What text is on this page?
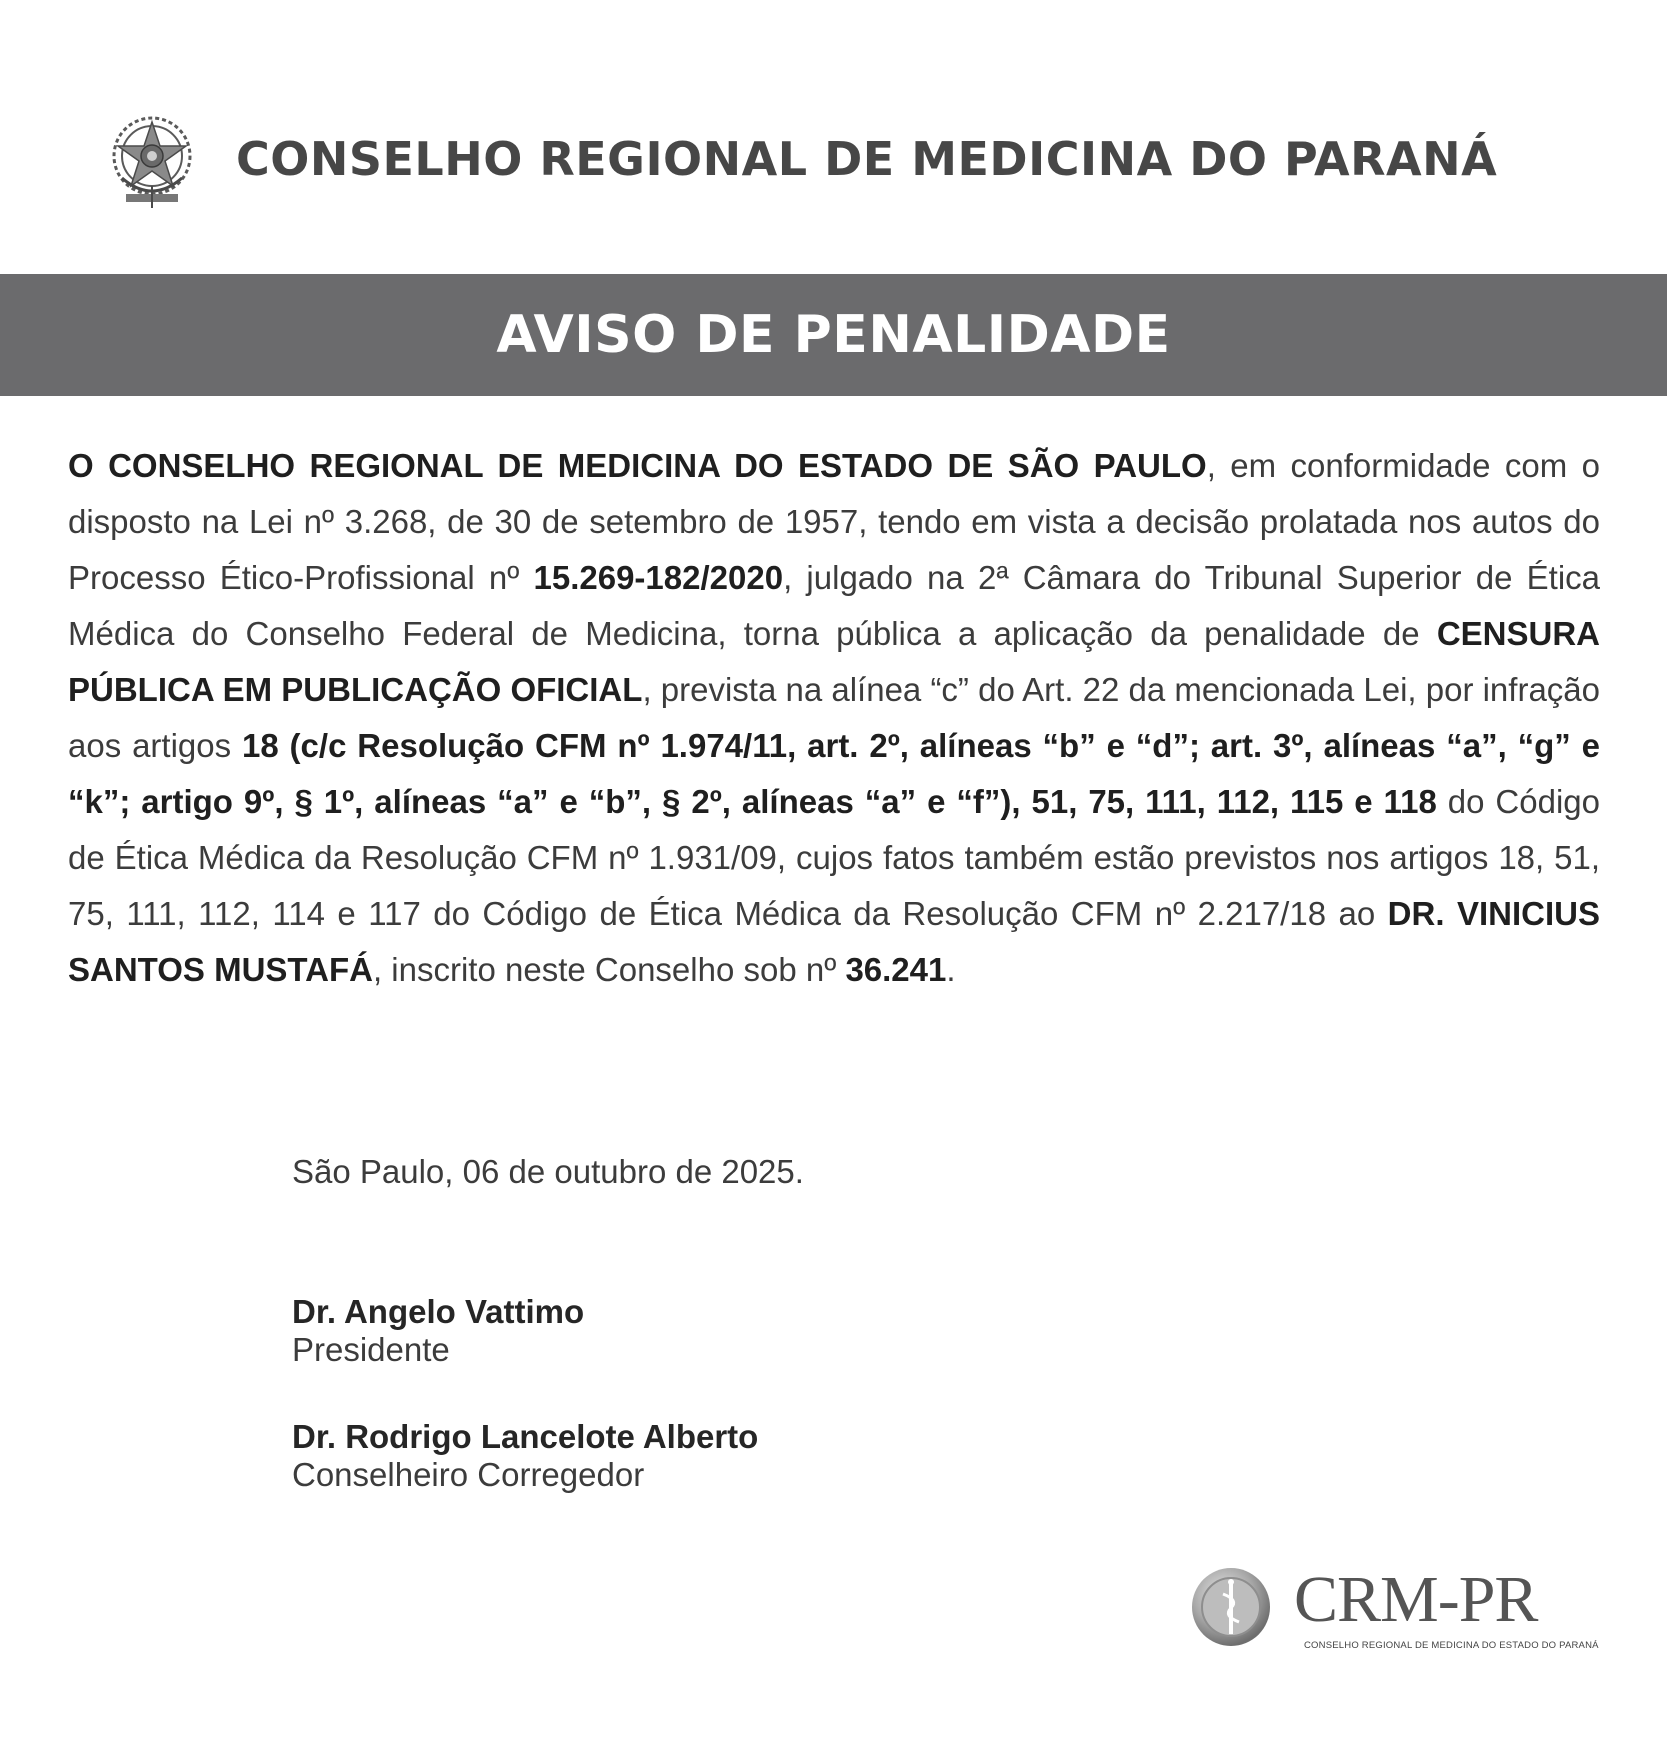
CONSELHO REGIONAL DE MEDICINA DO PARANÁ
AVISO DE PENALIDADE
O CONSELHO REGIONAL DE MEDICINA DO ESTADO DE SÃO PAULO, em conformidade com o disposto na Lei nº 3.268, de 30 de setembro de 1957, tendo em vista a decisão prolatada nos autos do Processo Ético-Profissional nº 15.269-182/2020, julgado na 2ª Câmara do Tribunal Superior de Ética Médica do Conselho Federal de Medicina, torna pública a aplicação da penalidade de CENSURA PÚBLICA EM PUBLICAÇÃO OFICIAL, prevista na alínea “c” do Art. 22 da mencionada Lei, por infração aos artigos 18 (c/c Resolução CFM nº 1.974/11, art. 2º, alíneas “b” e “d”; art. 3º, alíneas “a”, “g” e “k”; artigo 9º, § 1º, alíneas “a” e “b”, § 2º, alíneas “a” e “f”), 51, 75, 111, 112, 115 e 118 do Código de Ética Médica da Resolução CFM nº 1.931/09, cujos fatos também estão previstos nos artigos 18, 51, 75, 111, 112, 114 e 117 do Código de Ética Médica da Resolução CFM nº 2.217/18 ao DR. VINICIUS SANTOS MUSTAFÁ, inscrito neste Conselho sob nº 36.241.
São Paulo, 06 de outubro de 2025.
Dr. Angelo Vattimo
Presidente
Dr. Rodrigo Lancelote Alberto
Conselheiro Corregedor
CRM-PR
CONSELHO REGIONAL DE MEDICINA DO ESTADO DO PARANÁ
